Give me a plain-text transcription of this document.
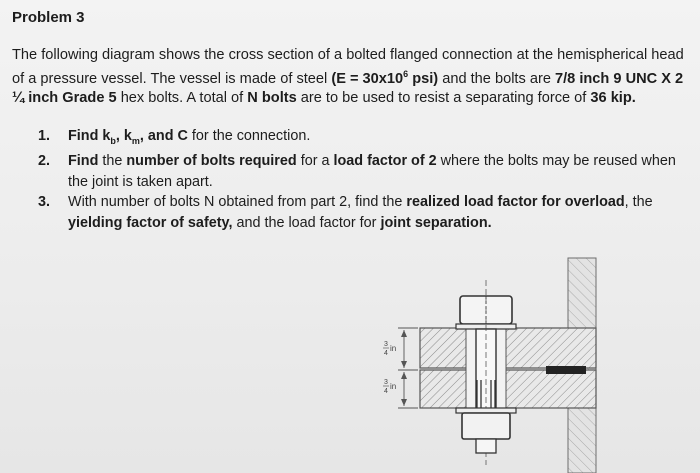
Problem 3
The following diagram shows the cross section of a bolted flanged connection at the hemispherical head of a pressure vessel. The vessel is made of steel ($E = 30x10^6$ psi) and the bolts are 7/8 inch 9 UNC X 2 ¼ inch Grade 5 hex bolts. A total of N bolts are to be used to resist a separating force of 36 kip.
1.	Find $k_b$, $k_m$, and C for the connection.
2.	Find the number of bolts required for a load factor of 2 where the bolts may be reused when the joint is taken apart.
3.	With number of bolts N obtained from part 2, find the realized load factor for overload, the yielding factor of safety, and the load factor for joint separation.
3
4
in
3
4
in
